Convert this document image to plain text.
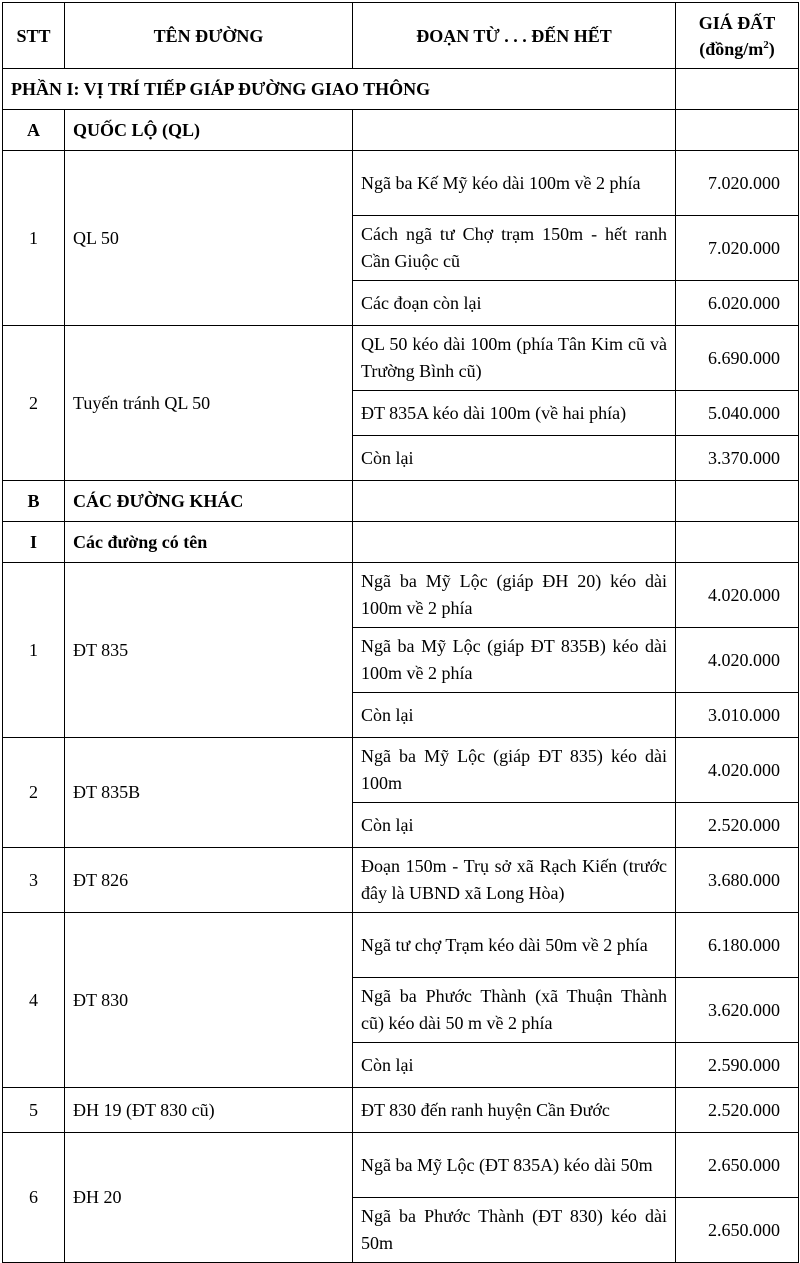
STT	TÊN ĐƯỜNG	ĐOẠN TỪ . . . ĐẾN HẾT	GIÁ ĐẤT
$(đồng/m^2)$
PHẦN I: VỊ TRÍ TIẾP GIÁP ĐƯỜNG GIAO THÔNG			
A	QUỐC LỘ (QL)		
1	QL 50	Ngã ba Kế Mỹ kéo dài 100m về 2 phía	7.020.000
		Cách ngã tư Chợ trạm 150m - hết ranh Cần Giuộc cũ	7.020.000
		Các đoạn còn lại	6.020.000
2	Tuyến tránh QL 50	QL 50 kéo dài 100m (phía Tân Kim cũ và Trường Bình cũ)	6.690.000
		ĐT 835A kéo dài 100m (về hai phía)	5.040.000
		Còn lại	3.370.000
B	CÁC ĐƯỜNG KHÁC		
I	Các đường có tên		
1	ĐT 835	Ngã ba Mỹ Lộc (giáp ĐH 20) kéo dài 100m về 2 phía	4.020.000
		Ngã ba Mỹ Lộc (giáp ĐT 835B) kéo dài 100m về 2 phía	4.020.000
		Còn lại	3.010.000
2	ĐT 835B	Ngã ba Mỹ Lộc (giáp ĐT 835) kéo dài 100m	4.020.000
		Còn lại	2.520.000
3	ĐT 826	Đoạn 150m - Trụ sở xã Rạch Kiến (trước đây là UBND xã Long Hòa)	3.680.000
4	ĐT 830	Ngã tư chợ Trạm kéo dài 50m về 2 phía	6.180.000
		Ngã ba Phước Thành (xã Thuận Thành cũ) kéo dài 50 m về 2 phía	3.620.000
		Còn lại	2.590.000
5	ĐH 19 (ĐT 830 cũ)	ĐT 830 đến ranh huyện Cần Đước	2.520.000
6	ĐH 20	Ngã ba Mỹ Lộc (ĐT 835A) kéo dài 50m	2.650.000
		Ngã ba Phước Thành (ĐT 830) kéo dài 50m	2.650.000
